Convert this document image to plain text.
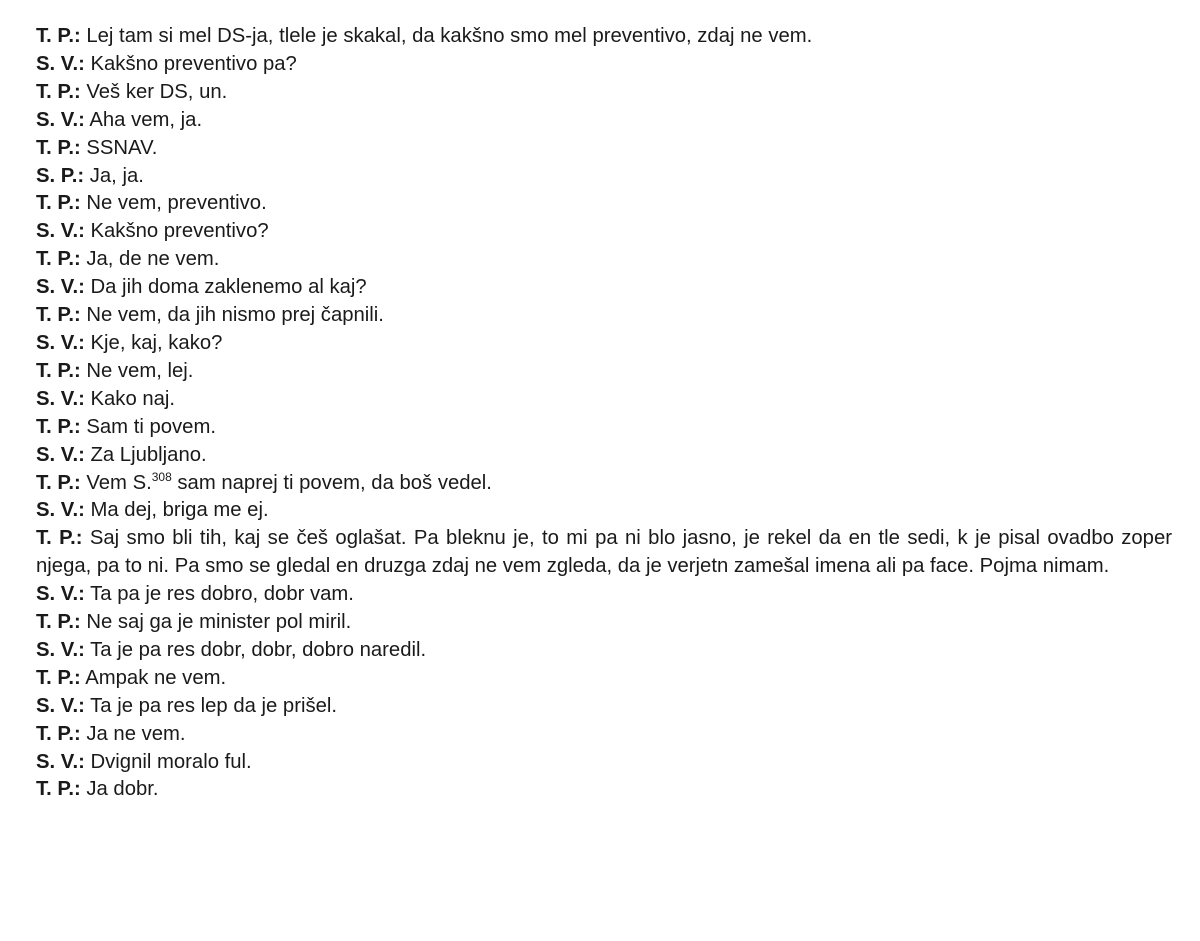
T. P.: Lej tam si mel DS-ja, tlele je skakal, da kakšno smo mel preventivo, zdaj ne vem.

S. V.: Kakšno preventivo pa?

T. P.: Veš ker DS, un.

S. V.: Aha vem, ja.

T. P.: SSNAV.

S. P.: Ja, ja.

T. P.: Ne vem, preventivo.

S. V.: Kakšno preventivo?

T. P.: Ja, de ne vem.

S. V.: Da jih doma zaklenemo al kaj?

T. P.: Ne vem, da jih nismo prej čapnili.

S. V.: Kje, kaj, kako?

T. P.: Ne vem, lej.

S. V.: Kako naj.

T. P.: Sam ti povem.

S. V.: Za Ljubljano.

T. P.: Vem S.$^{308}$ sam naprej ti povem, da boš vedel.

S. V.: Ma dej, briga me ej.

T. P.: Saj smo bli tih, kaj se češ oglašat. Pa bleknu je, to mi pa ni blo jasno, je rekel da en tle sedi, k je pisal ovadbo zoper njega, pa to ni. Pa smo se gledal en druzga zdaj ne vem zgleda, da je verjetn zamešal imena ali pa face. Pojma nimam.

S. V.: Ta pa je res dobro, dobr vam.

T. P.: Ne saj ga je minister pol miril.

S. V.: Ta je pa res dobr, dobr, dobro naredil.

T. P.: Ampak ne vem.

S. V.: Ta je pa res lep da je prišel.

T. P.: Ja ne vem.

S. V.: Dvignil moralo ful.

T. P.: Ja dobr.
